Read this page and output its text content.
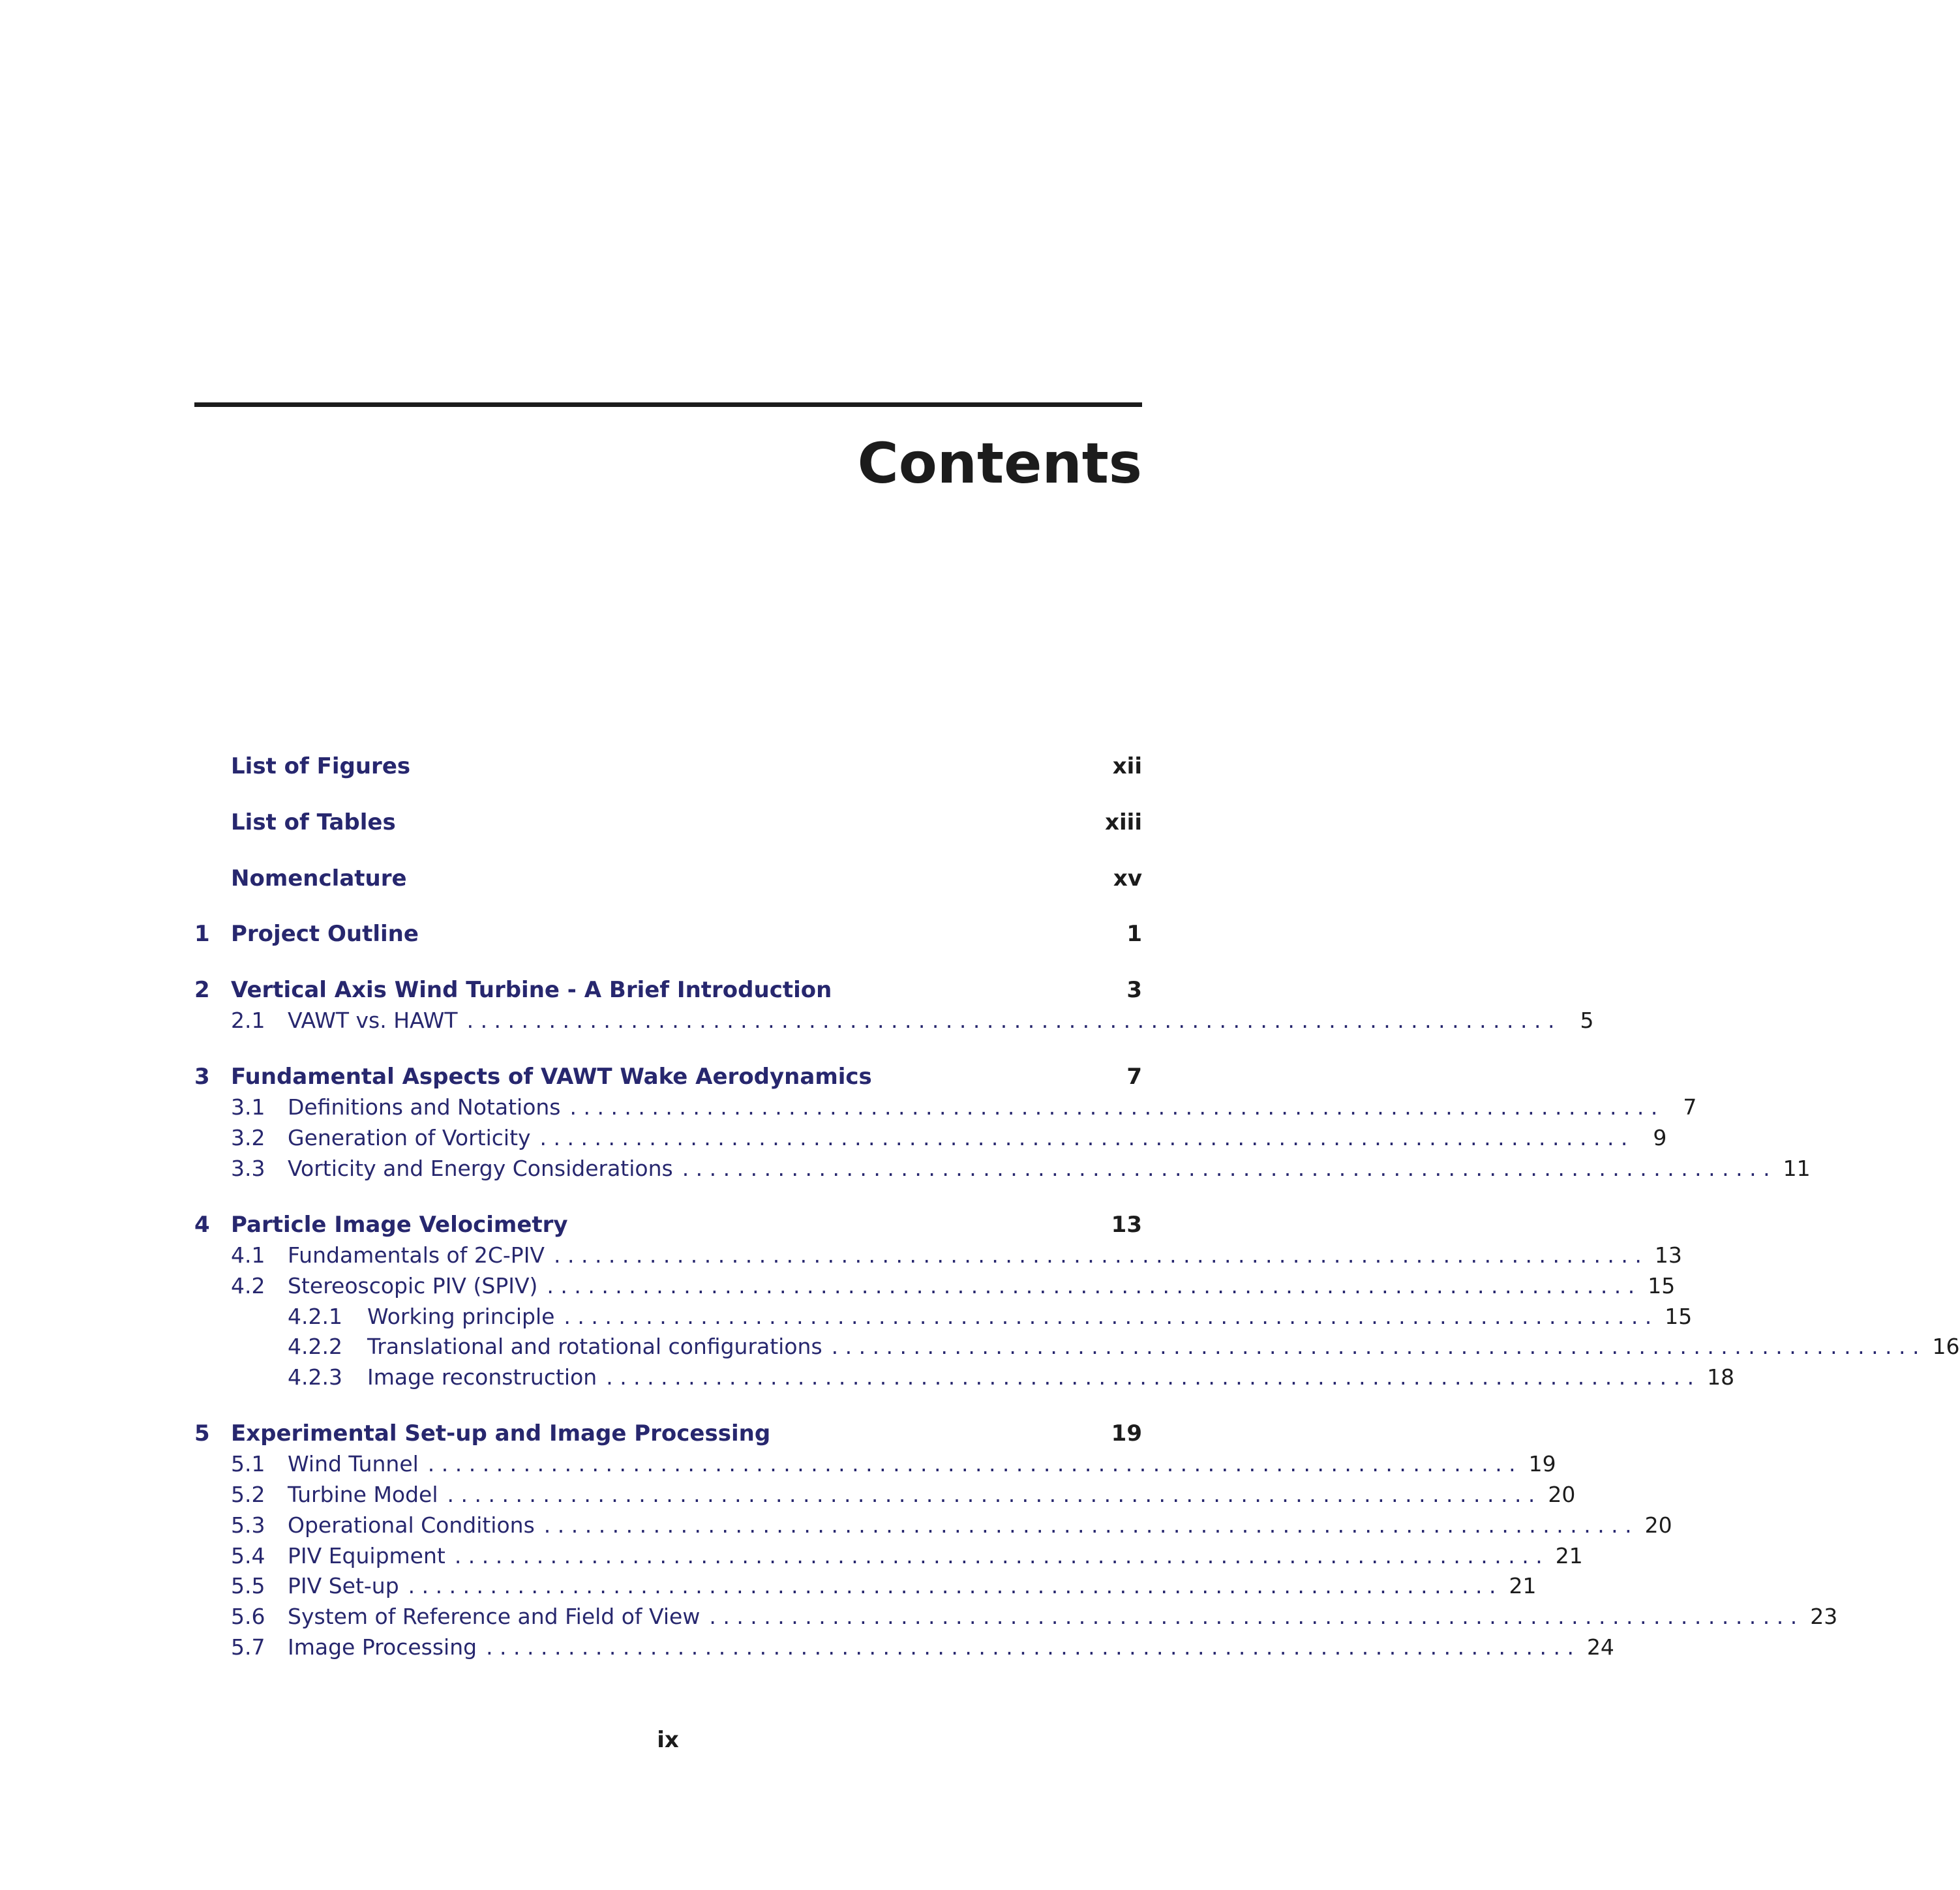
Contents
List of Figures	xii
List of Tables	xiii
Nomenclature	xv
1 Project Outline	1
2 Vertical Axis Wind Turbine - A Brief Introduction	3
2.1	VAWT vs. HAWT . . . . . . . . . . . . . . . . . . . . . . . . . . . . . . . . . . . . . . . . . . . . . . . . . . . . . . . . . . . . . . . . . . . . . . . . . . . . . . . .	5
3 Fundamental Aspects of VAWT Wake Aerodynamics	7
3.1	Definitions and Notations . . . . . . . . . . . . . . . . . . . . . . . . . . . . . . . . . . . . . . . . . . . . . . . . . . . . . . . . . . . . . . . . . . . . . . . . . . . . . . . .	7
3.2	Generation of Vorticity . . . . . . . . . . . . . . . . . . . . . . . . . . . . . . . . . . . . . . . . . . . . . . . . . . . . . . . . . . . . . . . . . . . . . . . . . . . . . . . .	9
3.3	Vorticity and Energy Considerations . . . . . . . . . . . . . . . . . . . . . . . . . . . . . . . . . . . . . . . . . . . . . . . . . . . . . . . . . . . . . . . . . . . . . . . . . . . . . . . . 11
4 Particle Image Velocimetry	13
4.1	Fundamentals of 2C-PIV . . . . . . . . . . . . . . . . . . . . . . . . . . . . . . . . . . . . . . . . . . . . . . . . . . . . . . . . . . . . . . . . . . . . . . . . . . . . . . . . 13
4.2	Stereoscopic PIV (SPIV) . . . . . . . . . . . . . . . . . . . . . . . . . . . . . . . . . . . . . . . . . . . . . . . . . . . . . . . . . . . . . . . . . . . . . . . . . . . . . . . . 15
4.2.1	Working principle . . . . . . . . . . . . . . . . . . . . . . . . . . . . . . . . . . . . . . . . . . . . . . . . . . . . . . . . . . . . . . . . . . . . . . . . . . . . . . . . 15
4.2.2	Translational and rotational configurations . . . . . . . . . . . . . . . . . . . . . . . . . . . . . . . . . . . . . . . . . . . . . . . . . . . . . . . . . . . . . . . . . . . . . . . . . . . . . . . . 16
4.2.3	Image reconstruction . . . . . . . . . . . . . . . . . . . . . . . . . . . . . . . . . . . . . . . . . . . . . . . . . . . . . . . . . . . . . . . . . . . . . . . . . . . . . . . . 18
5 Experimental Set-up and Image Processing	19
5.1	Wind Tunnel . . . . . . . . . . . . . . . . . . . . . . . . . . . . . . . . . . . . . . . . . . . . . . . . . . . . . . . . . . . . . . . . . . . . . . . . . . . . . . . . 19
5.2	Turbine Model . . . . . . . . . . . . . . . . . . . . . . . . . . . . . . . . . . . . . . . . . . . . . . . . . . . . . . . . . . . . . . . . . . . . . . . . . . . . . . . . 20
5.3	Operational Conditions . . . . . . . . . . . . . . . . . . . . . . . . . . . . . . . . . . . . . . . . . . . . . . . . . . . . . . . . . . . . . . . . . . . . . . . . . . . . . . . . 20
5.4	PIV Equipment . . . . . . . . . . . . . . . . . . . . . . . . . . . . . . . . . . . . . . . . . . . . . . . . . . . . . . . . . . . . . . . . . . . . . . . . . . . . . . . . 21
5.5	PIV Set-up . . . . . . . . . . . . . . . . . . . . . . . . . . . . . . . . . . . . . . . . . . . . . . . . . . . . . . . . . . . . . . . . . . . . . . . . . . . . . . . . 21
5.6	System of Reference and Field of View . . . . . . . . . . . . . . . . . . . . . . . . . . . . . . . . . . . . . . . . . . . . . . . . . . . . . . . . . . . . . . . . . . . . . . . . . . . . . . . . 23
5.7	Image Processing . . . . . . . . . . . . . . . . . . . . . . . . . . . . . . . . . . . . . . . . . . . . . . . . . . . . . . . . . . . . . . . . . . . . . . . . . . . . . . . . 24
ix
